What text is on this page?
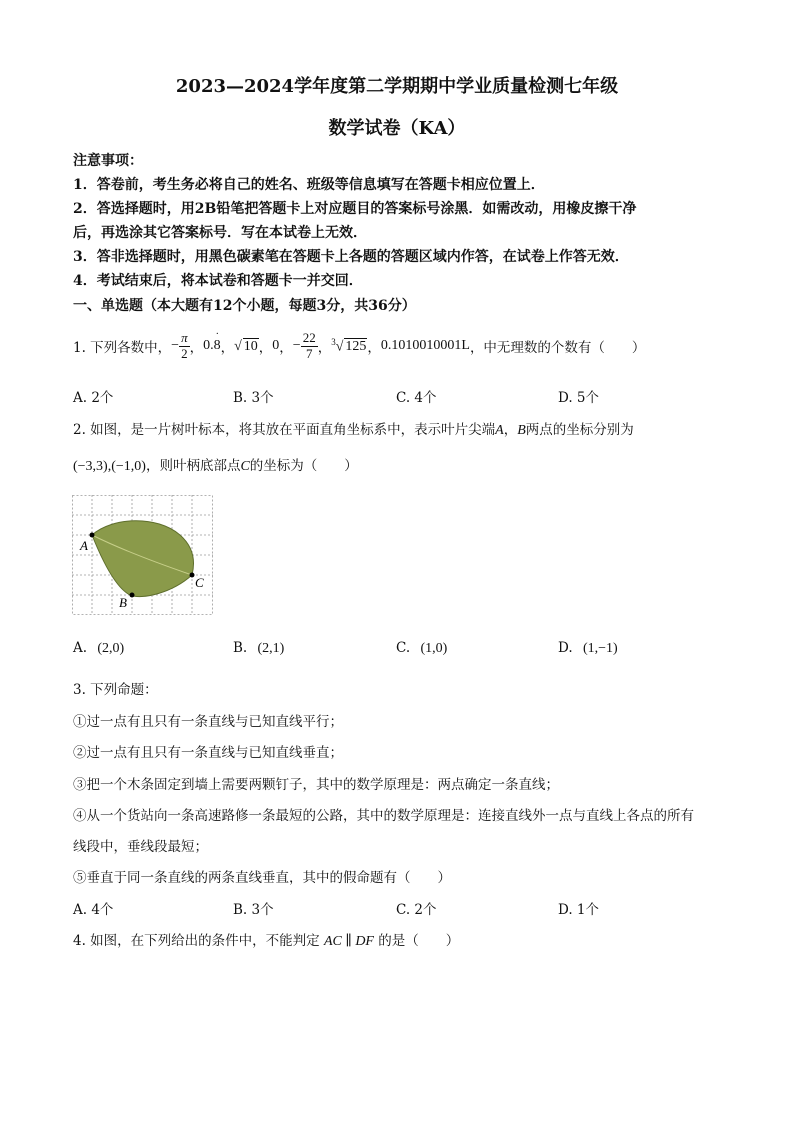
2023—2024学年度第二学期期中学业质量检测七年级
数学试卷（KA）
注意事项：
1．答卷前，考生务必将自己的姓名、班级等信息填写在答题卡相应位置上．
2．答选择题时，用2B铅笔把答题卡上对应题目的答案标号涂黑．如需改动，用橡皮擦干净
后，再选涂其它答案标号．写在本试卷上无效．
3．答非选择题时，用黑色碳素笔在答题卡上各题的答题区域内作答，在试卷上作答无效．
4．考试结束后，将本试卷和答题卡一并交回．
一、单选题（本大题有12个小题，每题3分，共36分）
1. 下列各数中， − $\frac{\pi}{2}$ ， 0.
·
8 ， √ 10 ， 0 ， − $\frac{22}{7}$ ， $^3$√ 125 ， 0.1010010001L ，中无理数的个数有（　　）
A. 2个	B. 3个	C. 4个	D. 5个
2. 如图，是一片树叶标本，将其放在平面直角坐标系中，表示叶片尖端A，B两点的坐标分别为
(−3,3),(−1,0)，则叶柄底部点C的坐标为（　　）
A
B
C
A. (2,0)	B. (2,1)	C. (1,0)	D. (1,−1)
3. 下列命题：
①过一点有且只有一条直线与已知直线平行；
②过一点有且只有一条直线与已知直线垂直；
③把一个木条固定到墙上需要两颗钉子，其中的数学原理是：两点确定一条直线；
④从一个货站向一条高速路修一条最短的公路，其中的数学原理是：连接直线外一点与直线上各点的所有
线段中，垂线段最短；
⑤垂直于同一条直线的两条直线垂直，其中的假命题有（　　）
A. 4个	B. 3个	C. 2个	D. 1个
4. 如图，在下列给出的条件中，不能判定 AC ∥ DF 的是（　　）
